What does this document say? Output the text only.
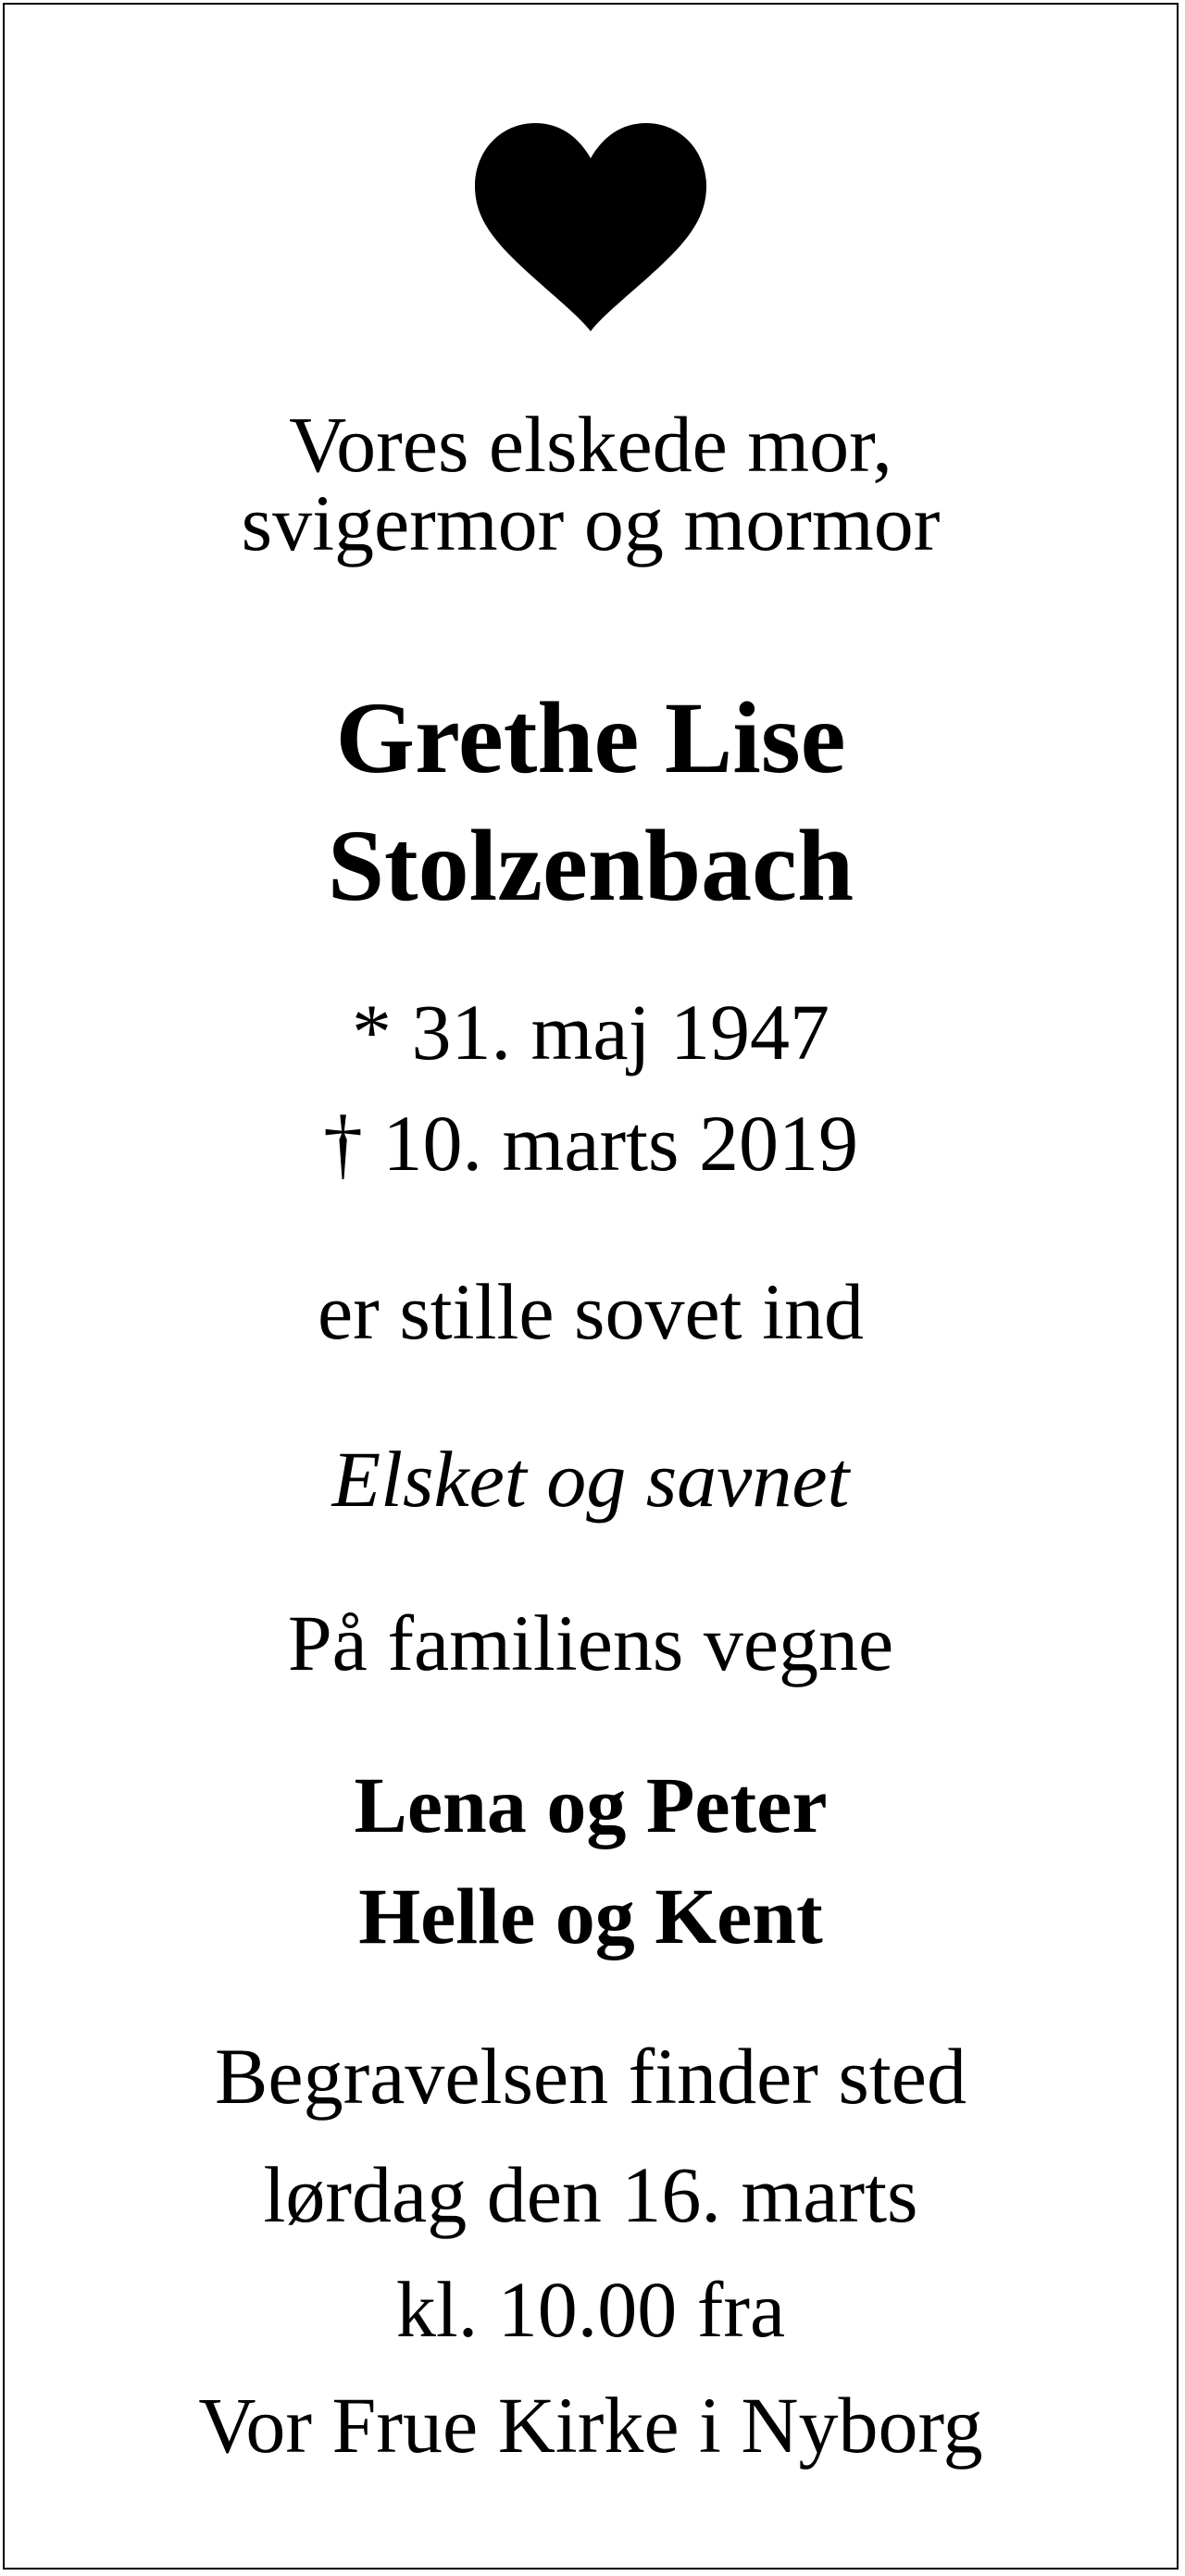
Vores elskede mor,

svigermor og mormor

Grethe Lise

Stolzenbach

* 31. maj 1947

† 10. marts 2019

er stille sovet ind

Elsket og savnet

På familiens vegne

Lena og Peter

Helle og Kent

Begravelsen finder sted

lørdag den 16. marts

kl. 10.00 fra

Vor Frue Kirke i Nyborg
